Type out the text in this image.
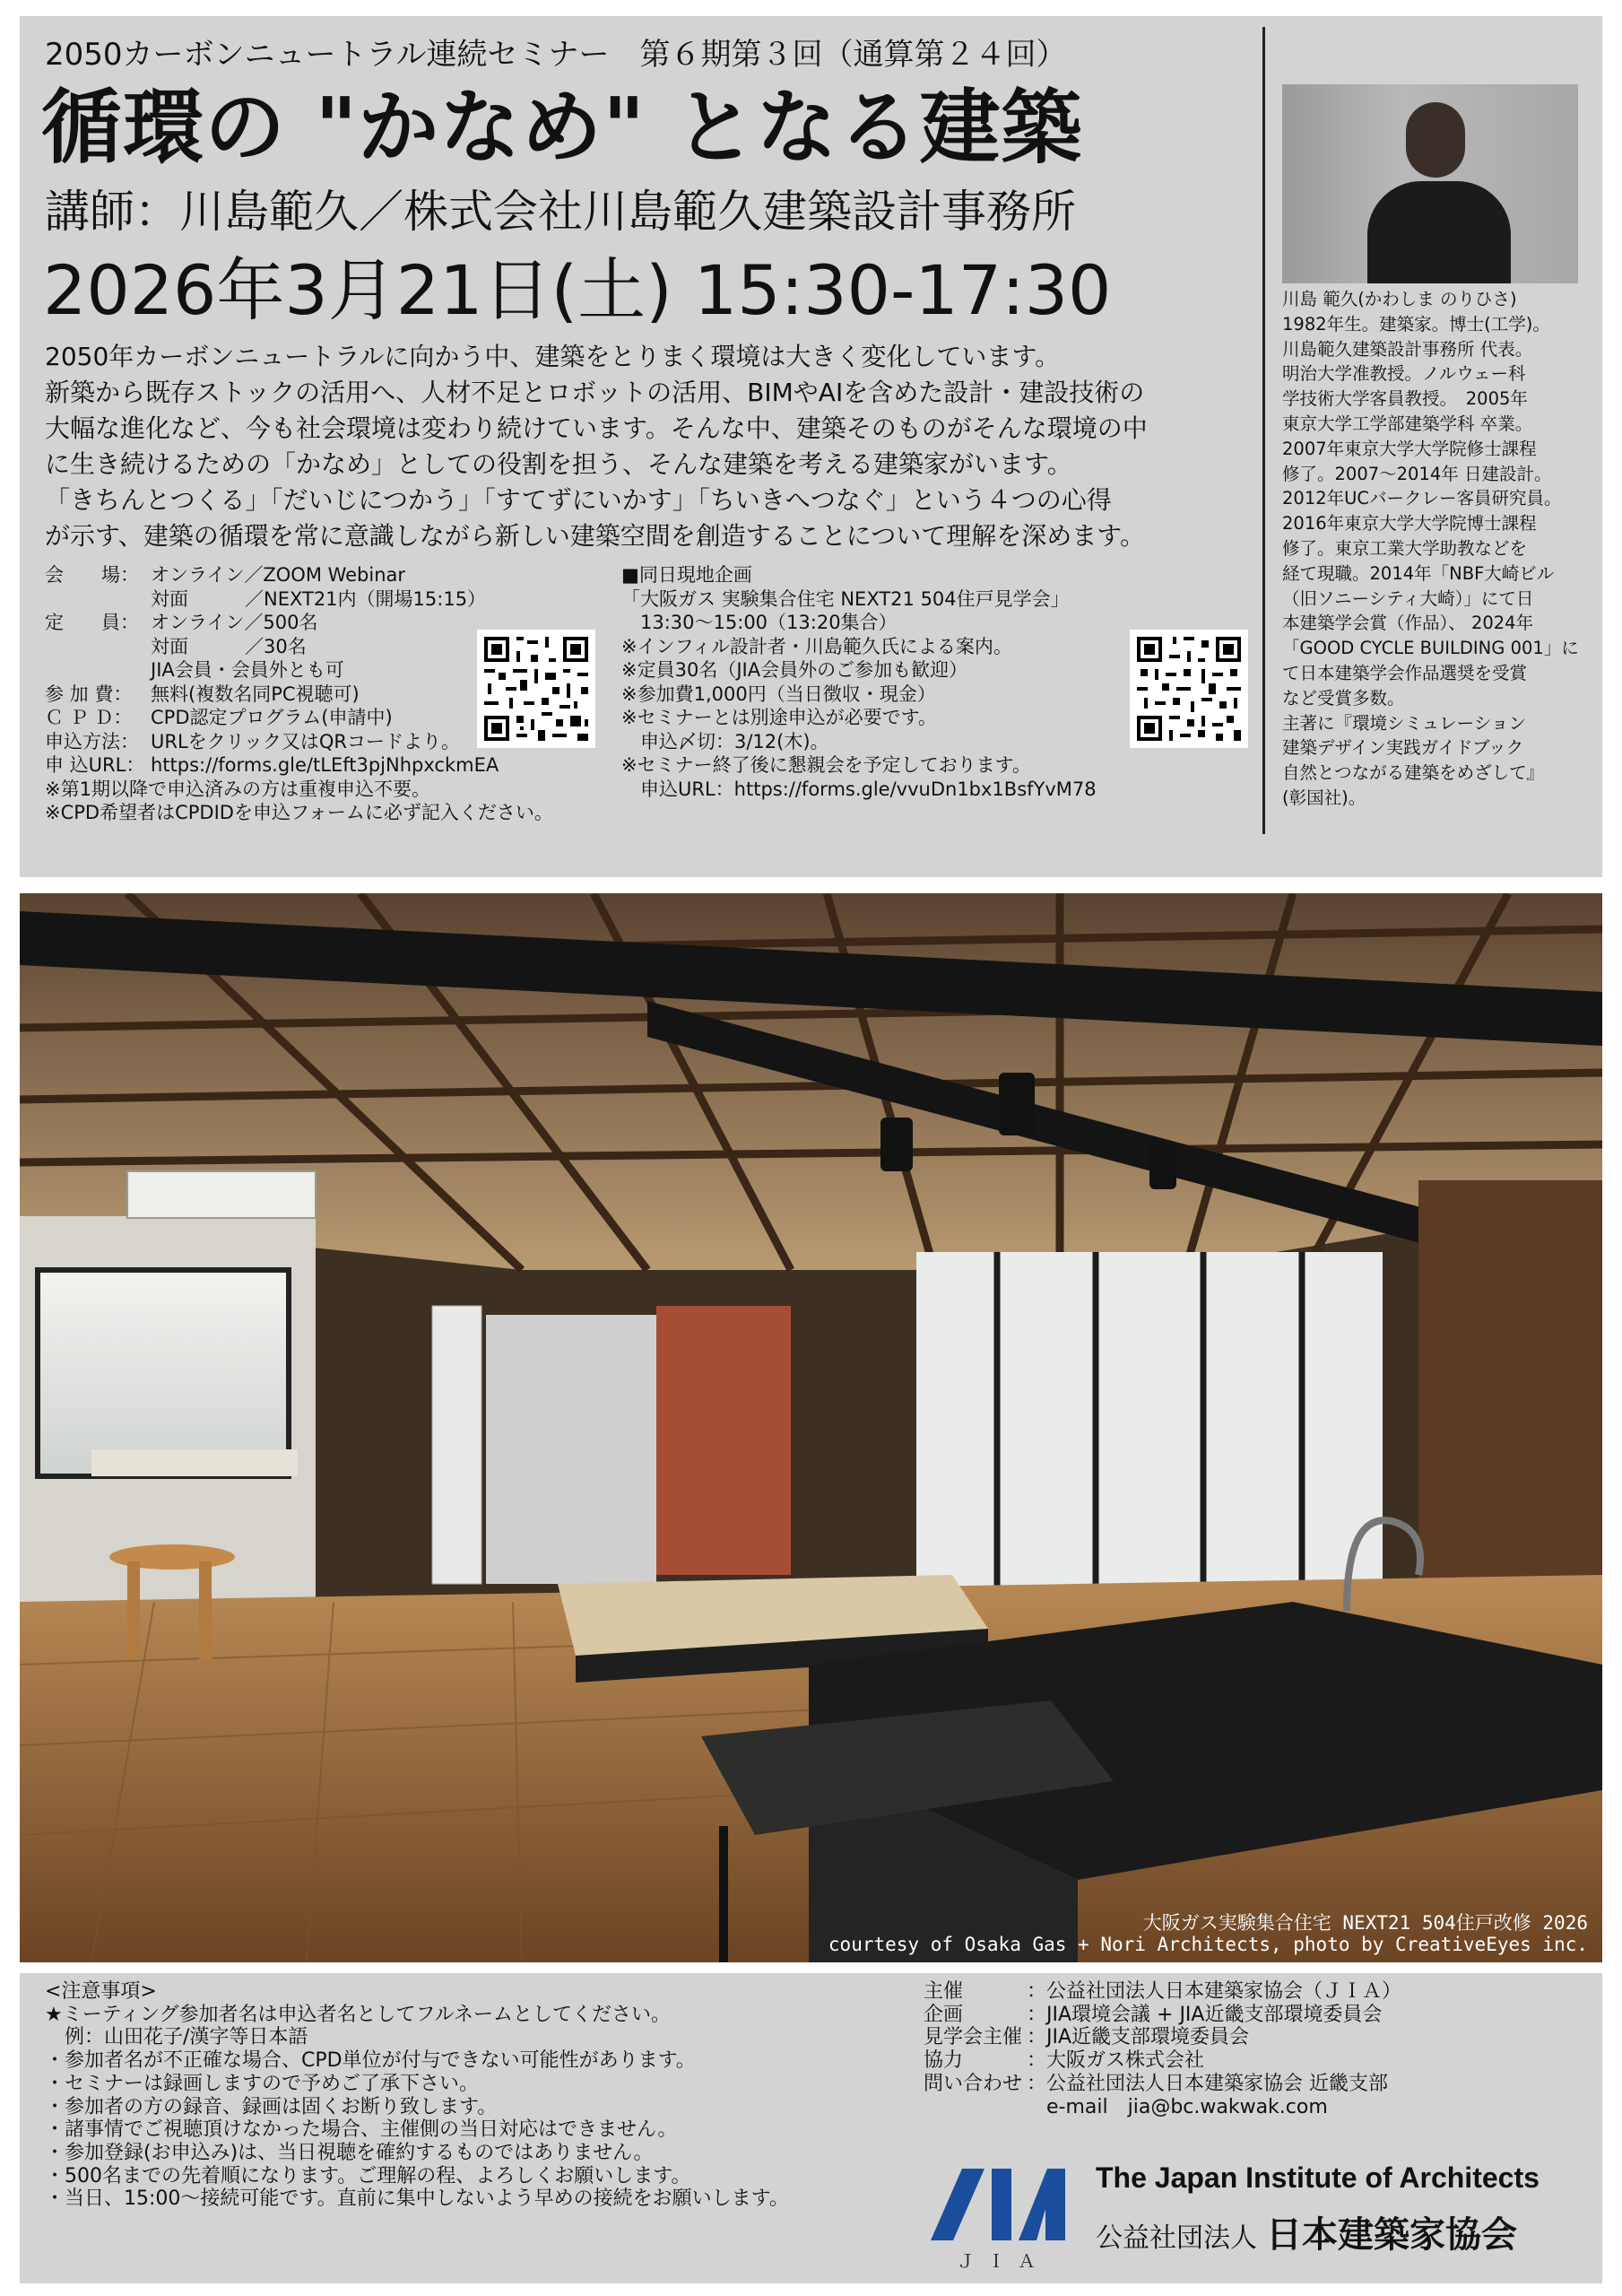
2050カーボンニュートラル連続セミナー　第６期第３回（通算第２４回）
循環の "かなめ" となる建築
講師：川島範久／株式会社川島範久建築設計事務所
2026年3月21日(土) 15:30-17:30	川島 範久(かわしま のりひさ)
1982年生。建築家。博士(工学)。
川島範久建築設計事務所 代表。
明治大学准教授。ノルウェー科
学技術大学客員教授。　2005年
東京大学工学部建築学科 卒業。
2007年東京大学大学院修士課程
修了。2007〜2014年 日建設計。
2012年UCバークレー客員研究員。
2016年東京大学大学院博士課程
修了。東京工業大学助教などを
経て現職。2014年「NBF大崎ビル
（旧ソニーシティ大崎）」にて日
本建築学会賞（作品）、 2024年
「GOOD CYCLE BUILDING 001」に
て日本建築学会作品選奨を受賞
など受賞多数。
主著に『環境シミュレーション
建築デザイン実践ガイドブック
自然とつながる建築をめざして』
(彰国社)。
2050年カーボンニュートラルに向かう中、建築をとりまく環境は大きく変化しています。
新築から既存ストックの活用へ、人材不足とロボットの活用、BIMやAIを含めた設計・建設技術の
大幅な進化など、今も社会環境は変わり続けています。そんな中、建築そのものがそんな環境の中
に生き続けるための「かなめ」としての役割を担う、そんな建築を考える建築家がいます。
「きちんとつくる」「だいじにつかう」「すてずにいかす」「ちいきへつなぐ」という４つの心得
が示す、建築の循環を常に意識しながら新しい建築空間を創造することについて理解を深めます。
会　　場： オンライン／ZOOM Webinar
対面　　　／NEXT21内（開場15:15）
定　　員： オンライン／500名
対面　　　／30名
JIA会員・会員外とも可
参 加 費： 無料(複数名同PC視聴可)
Ｃ Ｐ Ｄ： CPD認定プログラム(申請中)
申込方法： URLをクリック又はQRコードより。
申 込URL： https://forms.gle/tLEft3pjNhpxckmEA
※第1期以降で申込済みの方は重複申込不要。
※CPD希望者はCPDIDを申込フォームに必ず記入ください。
■同日現地企画
「大阪ガス 実験集合住宅 NEXT21 504住戸見学会」
　13:30〜15:00（13:20集合）
※インフィル設計者・川島範久氏による案内。
※定員30名（JIA会員外のご参加も歓迎）
※参加費1,000円（当日徴収・現金）
※セミナーとは別途申込が必要です。
　申込〆切：3/12(木)。
※セミナー終了後に懇親会を予定しております。
　申込URL：https://forms.gle/vvuDn1bx1BsfYvM78
大阪ガス実験集合住宅 NEXT21 504住戸改修 2026
courtesy of Osaka Gas + Nori Architects, photo by CreativeEyes inc.
<注意事項>
★ミーティング参加者名は申込者名としてフルネームとしてください。
　例：山田花子/漢字等日本語
・参加者名が不正確な場合、CPD単位が付与できない可能性があります。
・セミナーは録画しますので予めご了承下さい。
・参加者の方の録音、録画は固くお断り致します。
・諸事情でご視聴頂けなかった場合、主催側の当日対応はできません。
・参加登録(お申込み)は、当日視聴を確約するものではありません。
・500名までの先着順になります。ご理解の程、よろしくお願いします。
・当日、15:00〜接続可能です。直前に集中しないよう早めの接続をお願いします。
主催	：公益社団法人日本建築家協会（ＪＩＡ）
企画	：JIA環境会議 + JIA近畿支部環境委員会
見学会主催 ：JIA近畿支部環境委員会
協力	：大阪ガス株式会社
問い合わせ ：公益社団法人日本建築家協会 近畿支部
　e-mail　jia@bc.wakwak.com
ＪＩＡ
The Japan Institute of Architects
公益社団法人 日本建築家協会
